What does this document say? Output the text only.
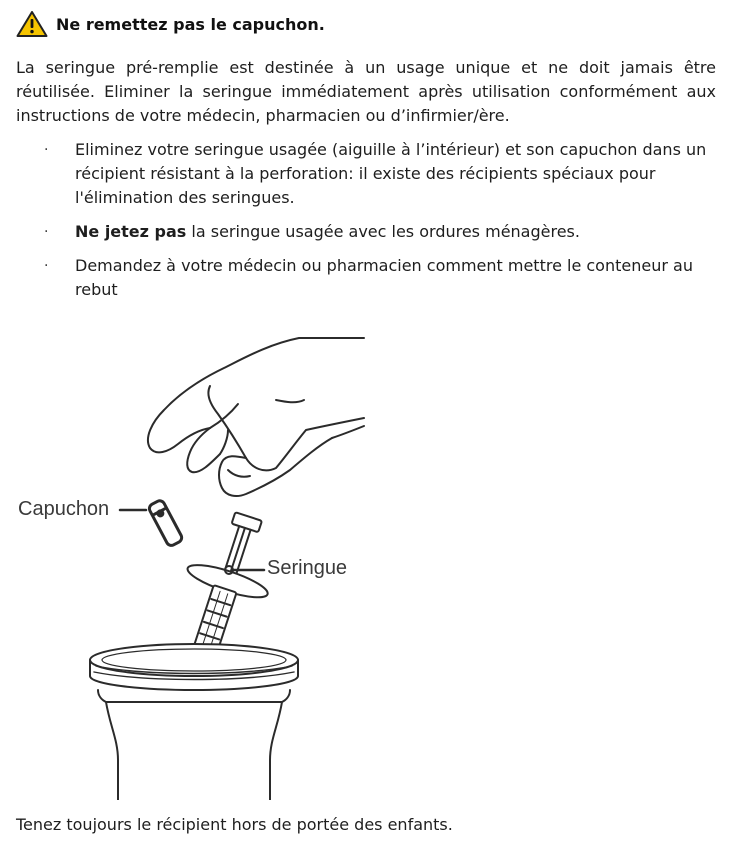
Ne remettez pas le capuchon.

La seringue pré-remplie est destinée à un usage unique et ne doit jamais être réutilisée. Eliminer la seringue immédiatement après utilisation conformément aux instructions de votre médecin, pharmacien ou d’infirmier/ère.

· Eliminez votre seringue usagée (aiguille à l’intérieur) et son capuchon dans un récipient résistant à la perforation: il existe des récipients spéciaux pour l'élimination des seringues.
· Ne jetez pas la seringue usagée avec les ordures ménagères.
· Demandez à votre médecin ou pharmacien comment mettre le conteneur au rebut
Capuchon
Seringue

Tenez toujours le récipient hors de portée des enfants.
